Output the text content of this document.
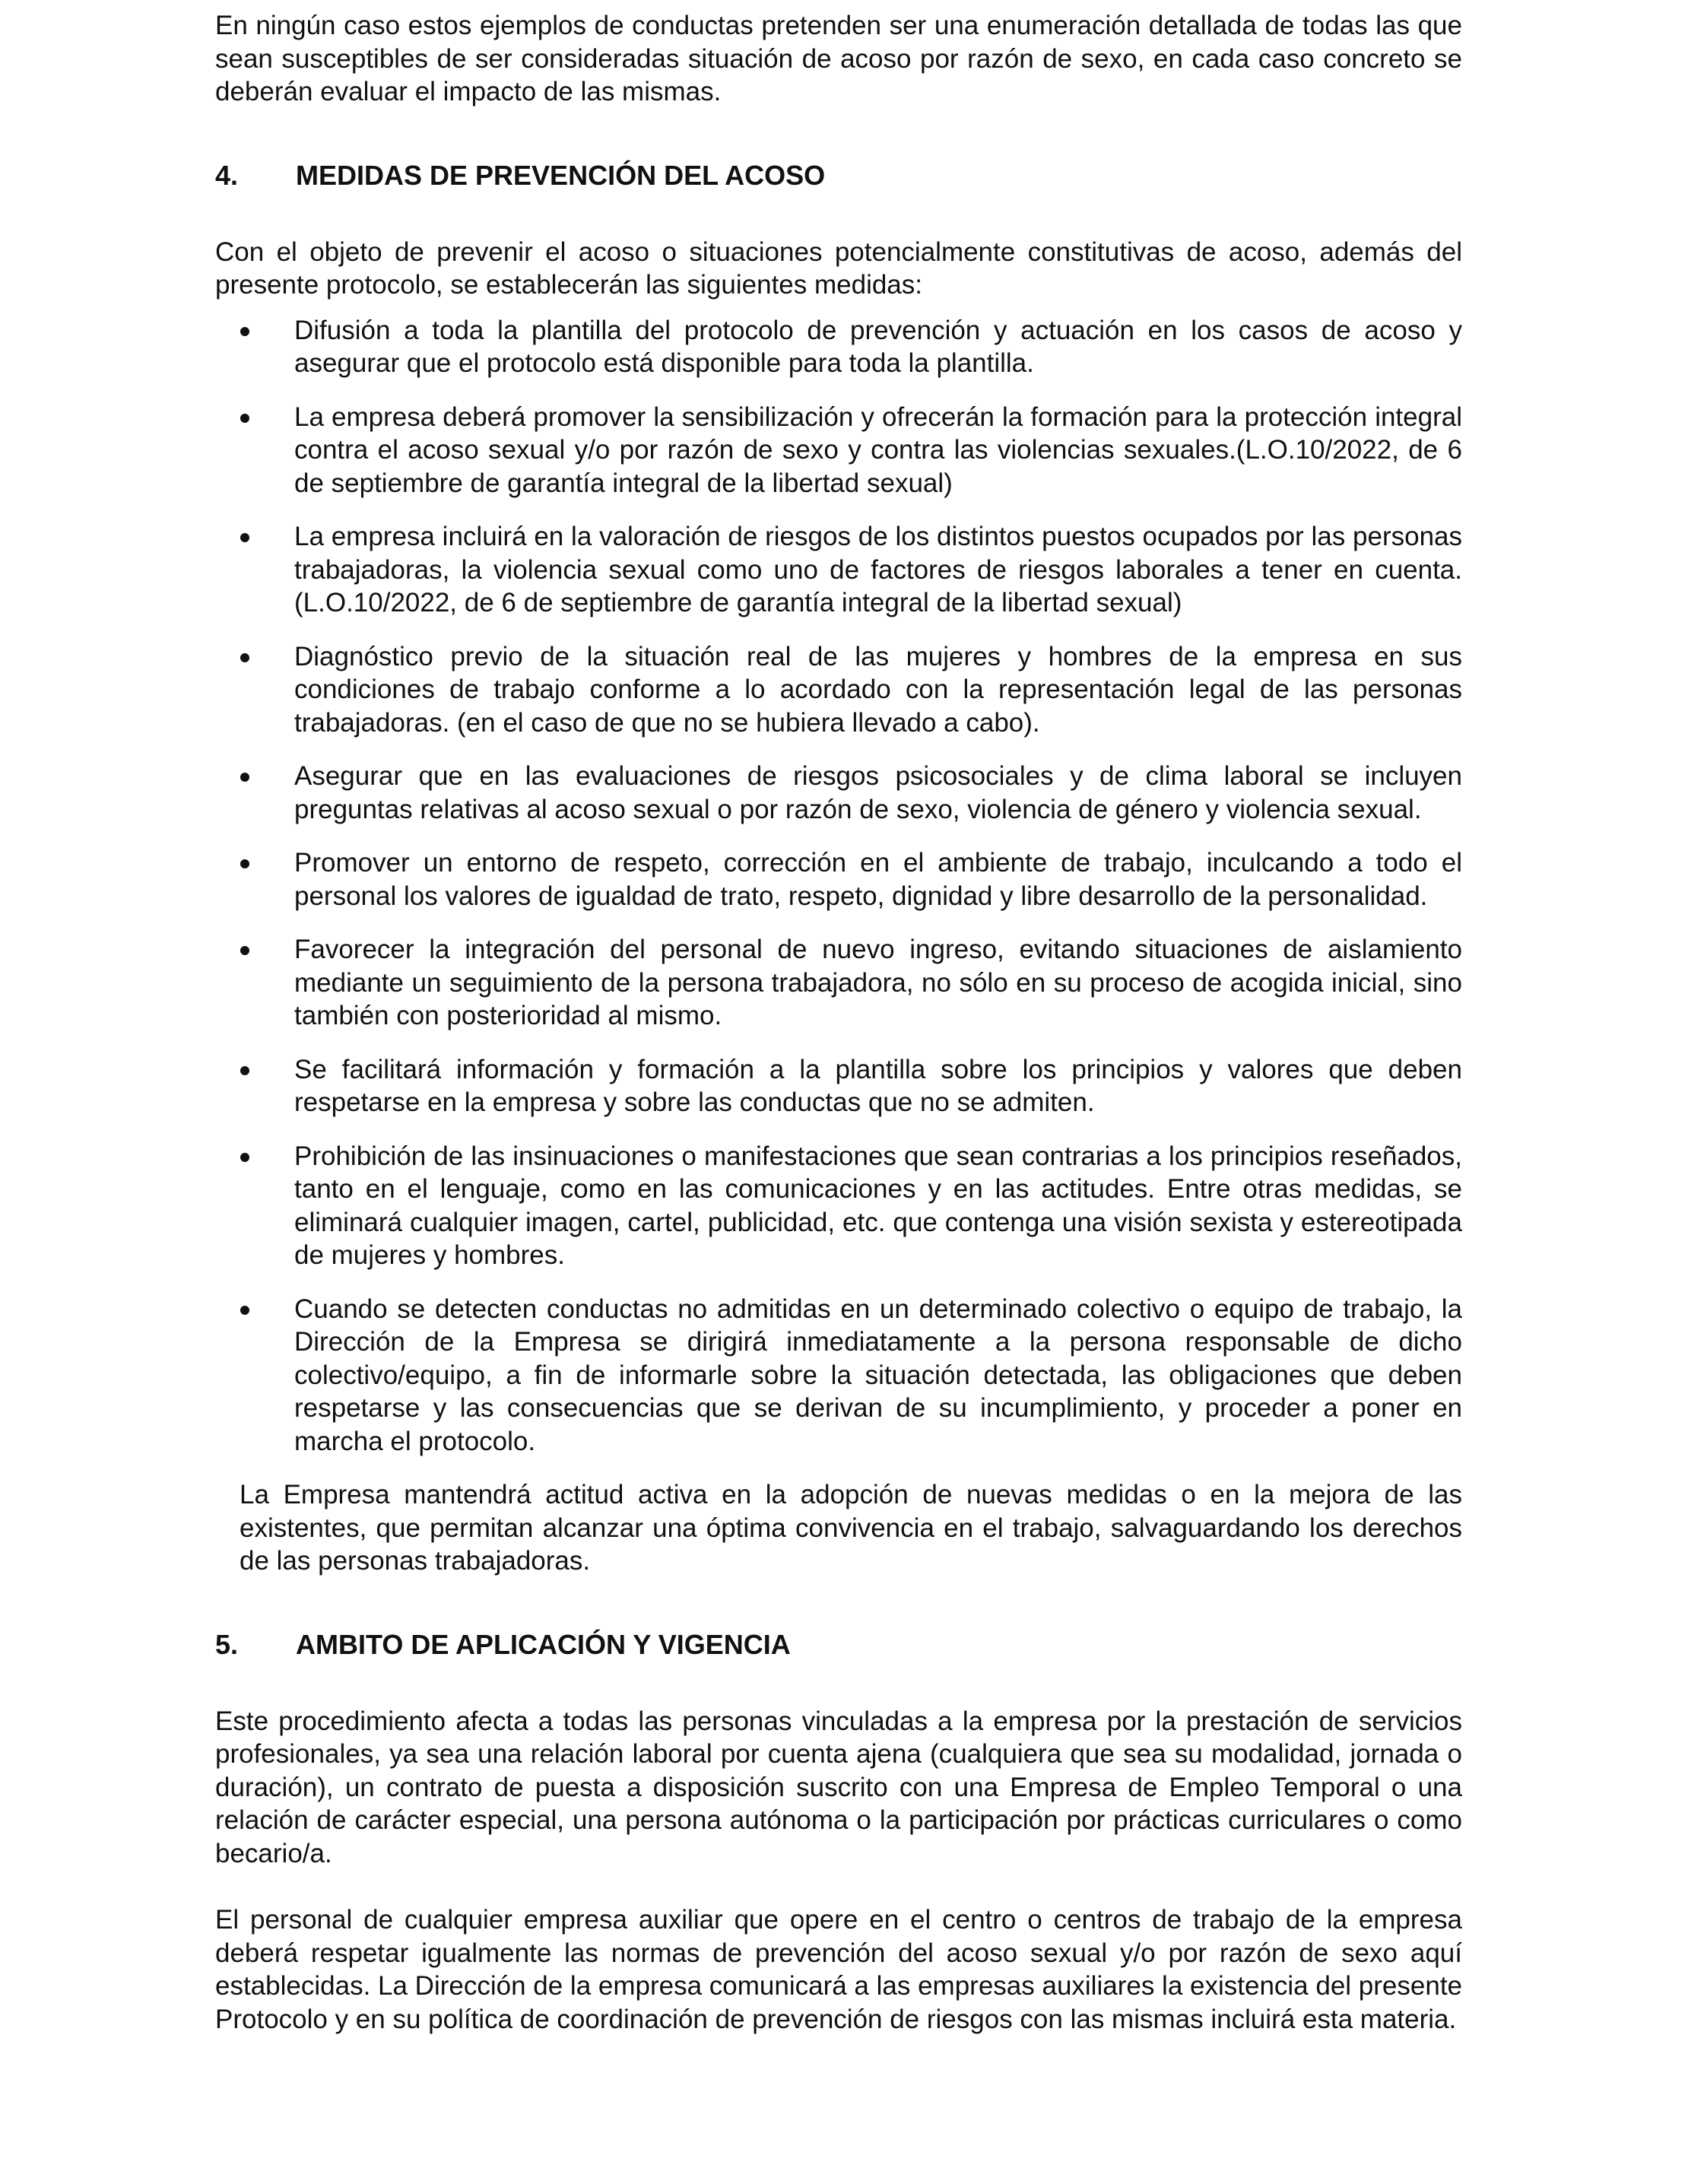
En ningún caso estos ejemplos de conductas pretenden ser una enumeración detallada de todas las que sean susceptibles de ser consideradas situación de acoso por razón de sexo, en cada caso concreto se deberán evaluar el impacto de las mismas.

4.	MEDIDAS DE PREVENCIÓN DEL ACOSO

Con el objeto de prevenir el acoso o situaciones potencialmente constitutivas de acoso, además del presente protocolo, se establecerán las siguientes medidas:

Difusión a toda la plantilla del protocolo de prevención y actuación en los casos de acoso y asegurar que el protocolo está disponible para toda la plantilla.
La empresa deberá promover la sensibilización y ofrecerán la formación para la protección integral contra el acoso sexual y/o por razón de sexo y contra las violencias sexuales.(L.O.10/2022, de 6 de septiembre de garantía integral de la libertad sexual)
La empresa incluirá en la valoración de riesgos de los distintos puestos ocupados por las personas trabajadoras, la violencia sexual como uno de factores de riesgos laborales a tener en cuenta. (L.O.10/2022, de 6 de septiembre de garantía integral de la libertad sexual)
Diagnóstico previo de la situación real de las mujeres y hombres de la empresa en sus condiciones de trabajo conforme a lo acordado con la representación legal de las personas trabajadoras. (en el caso de que no se hubiera llevado a cabo).
Asegurar que en las evaluaciones de riesgos psicosociales y de clima laboral se incluyen preguntas relativas al acoso sexual o por razón de sexo, violencia de género y violencia sexual.
Promover un entorno de respeto, corrección en el ambiente de trabajo, inculcando a todo el personal los valores de igualdad de trato, respeto, dignidad y libre desarrollo de la personalidad.
Favorecer la integración del personal de nuevo ingreso, evitando situaciones de aislamiento mediante un seguimiento de la persona trabajadora, no sólo en su proceso de acogida inicial, sino también con posterioridad al mismo.
Se facilitará información y formación a la plantilla sobre los principios y valores que deben respetarse en la empresa y sobre las conductas que no se admiten.
Prohibición de las insinuaciones o manifestaciones que sean contrarias a los principios reseñados, tanto en el lenguaje, como en las comunicaciones y en las actitudes. Entre otras medidas, se eliminará cualquier imagen, cartel, publicidad, etc. que contenga una visión sexista y estereotipada de mujeres y hombres.
Cuando se detecten conductas no admitidas en un determinado colectivo o equipo de trabajo, la Dirección de la Empresa se dirigirá inmediatamente a la persona responsable de dicho colectivo/equipo, a fin de informarle sobre la situación detectada, las obligaciones que deben respetarse y las consecuencias que se derivan de su incumplimiento, y proceder a poner en marcha el protocolo.

La Empresa mantendrá actitud activa en la adopción de nuevas medidas o en la mejora de las existentes, que permitan alcanzar una óptima convivencia en el trabajo, salvaguardando los derechos de las personas trabajadoras.

5.	AMBITO DE APLICACIÓN Y VIGENCIA

Este procedimiento afecta a todas las personas vinculadas a la empresa por la prestación de servicios profesionales, ya sea una relación laboral por cuenta ajena (cualquiera que sea su modalidad, jornada o duración), un contrato de puesta a disposición suscrito con una Empresa de Empleo Temporal o una relación de carácter especial, una persona autónoma o la participación por prácticas curriculares o como becario/a.

El personal de cualquier empresa auxiliar que opere en el centro o centros de trabajo de la empresa deberá respetar igualmente las normas de prevención del acoso sexual y/o por razón de sexo aquí establecidas. La Dirección de la empresa comunicará a las empresas auxiliares la existencia del presente Protocolo y en su política de coordinación de prevención de riesgos con las mismas incluirá esta materia.
